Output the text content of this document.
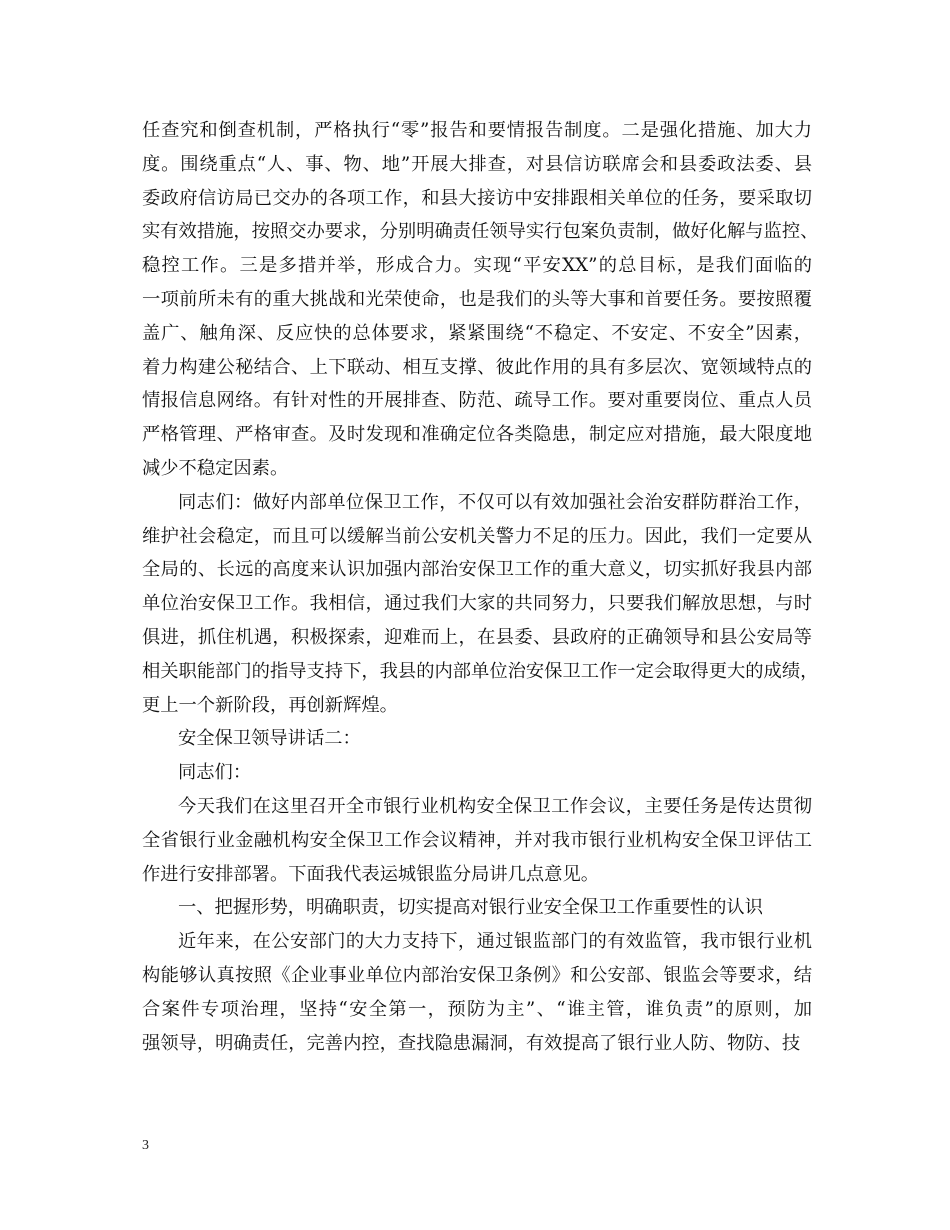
任查究和倒查机制，严格执行“零”报告和要情报告制度。二是强化措施、加大力
度。围绕重点“人、事、物、地”开展大排查，对县信访联席会和县委政法委、县
委政府信访局已交办的各项工作，和县大接访中安排跟相关单位的任务，要采取切
实有效措施，按照交办要求，分别明确责任领导实行包案负责制，做好化解与监控、
稳控工作。三是多措并举，形成合力。实现“平安XX”的总目标，是我们面临的
一项前所未有的重大挑战和光荣使命，也是我们的头等大事和首要任务。要按照覆
盖广、触角深、反应快的总体要求，紧紧围绕“不稳定、不安定、不安全”因素，
着力构建公秘结合、上下联动、相互支撑、彼此作用的具有多层次、宽领域特点的
情报信息网络。有针对性的开展排查、防范、疏导工作。要对重要岗位、重点人员
严格管理、严格审查。及时发现和准确定位各类隐患，制定应对措施，最大限度地
减少不稳定因素。
同志们：做好内部单位保卫工作，不仅可以有效加强社会治安群防群治工作，
维护社会稳定，而且可以缓解当前公安机关警力不足的压力。因此，我们一定要从
全局的、长远的高度来认识加强内部治安保卫工作的重大意义，切实抓好我县内部
单位治安保卫工作。我相信，通过我们大家的共同努力，只要我们解放思想，与时
俱进，抓住机遇，积极探索，迎难而上，在县委、县政府的正确领导和县公安局等
相关职能部门的指导支持下，我县的内部单位治安保卫工作一定会取得更大的成绩，
更上一个新阶段，再创新辉煌。
安全保卫领导讲话二：
同志们：
今天我们在这里召开全市银行业机构安全保卫工作会议，主要任务是传达贯彻
全省银行业金融机构安全保卫工作会议精神，并对我市银行业机构安全保卫评估工
作进行安排部署。下面我代表运城银监分局讲几点意见。
一、把握形势，明确职责，切实提高对银行业安全保卫工作重要性的认识
近年来，在公安部门的大力支持下，通过银监部门的有效监管，我市银行业机
构能够认真按照《企业事业单位内部治安保卫条例》和公安部、银监会等要求，结
合案件专项治理，坚持“安全第一，预防为主”、“谁主管，谁负责”的原则，加
强领导，明确责任，完善内控，查找隐患漏洞，有效提高了银行业人防、物防、技
3
